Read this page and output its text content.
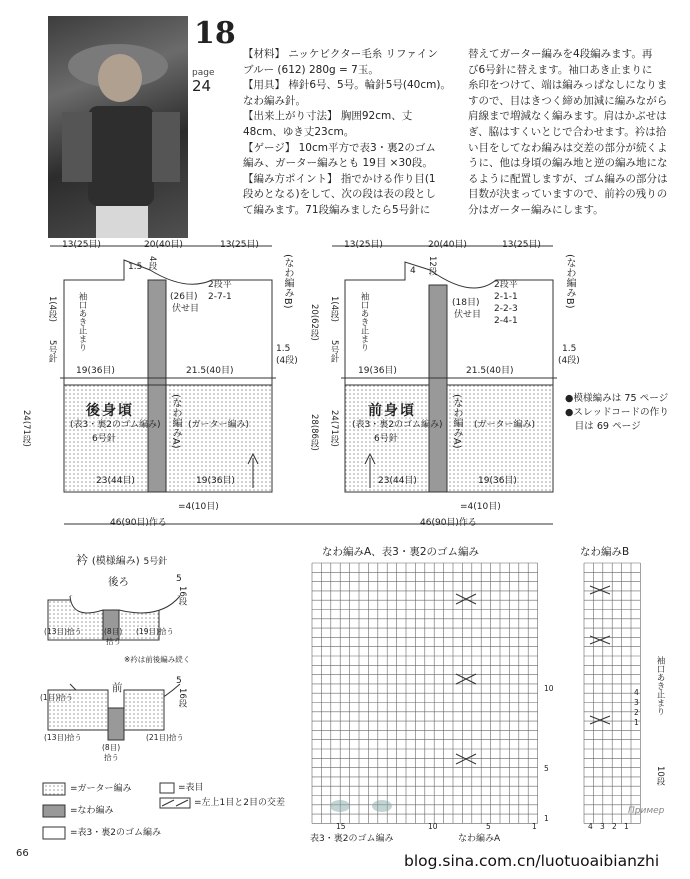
18
page
24
【材料】 ニッケビクター毛糸 リファイン
ブルー (612) 280g = 7玉。
【用具】 棒針6号、5号。輪針5号(40cm)。
なわ編み針。
【出来上がり寸法】 胸囲92cm、丈
48cm、ゆき丈23cm。
【ゲージ】 10cm平方で表3・裏2のゴム
編み、ガーター編みとも 19目 ×30段。
【編み方ポイント】 指でかける作り目(1
段めとなる)をして、次の段は表の段とし
て編みます。71段編みましたら5号針に
替えてガーター編みを4段編みます。再
び6号針に替えます。袖口あき止まりに
糸印をつけて、端は編みっぱなしになりま
すので、目はきつく締め加減に編みながら
肩線まで増減なく編みます。肩はかぶせは
ぎ、脇はすくいとじで合わせます。衿は拾
い目をしてなわ編みは交差の部分が続くよ
うに、他は身頃の編み地と逆の編み地にな
るように配置しますが、ゴム編みの部分は
目数が決まっていますので、前衿の残りの
分はガーター編みにします。
13(25目)	20(40目)	13(25目)
1.5 4段
2段平
2-7-1
(26目)
伏せ目
袖口あき止まり
1(4段)
5号針
(なわ編みB)
1.5
(4段)
20(62段)
28(86段)
19(36目)	21.5(40目)
24(71段)	後身頃
(表3・裏2のゴム編み)
6号針	(なわ編みA) (ガーター編み)
23(44目)	19(36目)
=4(10目)
13(25目)	20(40目)	13(25目)
4 12段
2段平
2-1-1
2-2-3
2-4-1
(18目)
伏せ目
袖口あき止まり
1(4段)
5号針
(なわ編みB)
1.5
(4段)
19(36目)	21.5(40目)
24(71段) 前身頃
(表3・裏2のゴム編み)
6号針	(なわ編みA) (ガーター編み)
23(44目)	19(36目)
=4(10目)
46(90目)作る	46(90目)作る
●模様編みは 75 ページ
●スレッドコードの作り
　目は 69 ページ
衿 (模様編み) 5号針
後ろ	5
16段
(13目)拾う	(8目)
拾う
(19目)拾う
※衿は前後編み続く
前
5
16段
(1目)拾う
(13目)拾う
(8目)
拾う
(21目)拾う
=ガーター編み
=なわ編み
=表3・裏2のゴム編み
=表目
=左上1目と2目の交差
なわ編みA、表3・裏2のゴム編み	なわ編みB
表3・裏2のゴム編み	なわ編みA
10
5
1
15	10	5	1	4 3 2 1
4
3
2
1
袖口あき止まり
10段
66
Пример
blog.sina.com.cn/luotuoaibianzhi
